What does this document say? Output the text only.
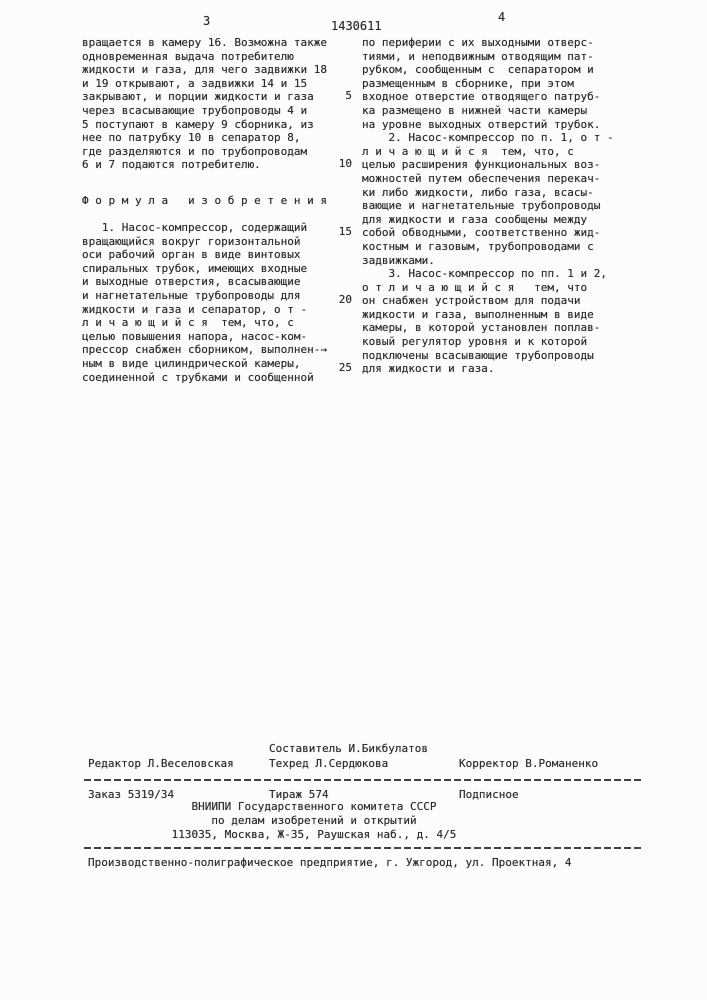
3	1430611
4
вращается в камеру 16. Возможна также
одновременная выдача потребителю
жидкости и газа, для чего задвижки 18
и 19 открывают, а задвижки 14 и 15
закрывают, и порции жидкости и газа
через всасывающие трубопроводы 4 и
5 поступают в камеру 9 сборника, из
нее по патрубку 10 в сепаратор 8,
где разделяются и по трубопроводам
6 и 7 подаются потребителю.
Ф о р м у л а   и з о б р е т е н и я
1. Насос-компрессор, содержащий
вращающийся вокруг горизонтальной
оси рабочий орган в виде винтовых
спиральных трубок, имеющих входные
и выходные отверстия, всасывающие
и нагнетательные трубопроводы для
жидкости и газа и сепаратор, о т -
л и ч а ю щ и й с я  тем, что, с
целью повышения напора, насос-ком-
прессор снабжен сборником, выполнен-→
ным в виде цилиндрической камеры,
соединенной с трубками и сообщенной
по периферии с их выходными отверс-
тиями, и неподвижным отводящим пат-
рубком, сообщенным с  сепаратором и
размещенным в сборнике, при этом
входное отверстие отводящего патруб-
ка размещено в нижней части камеры
на уровне выходных отверстий трубок.
2. Насос-компрессор по п. 1, о т -
л и ч а ю щ и й с я  тем, что, с
целью расширения функциональных воз-
можностей путем обеспечения перекач-
ки либо жидкости, либо газа, всасы-
вающие и нагнетательные трубопроводы
для жидкости и газа сообщены между
собой обводными, соответственно жид-
костным и газовым, трубопроводами с
задвижками.
3. Насос-компрессор по пп. 1 и 2,
о т л и ч а ю щ и й с я   тем, что
он снабжен устройством для подачи
жидкости и газа, выполненным в виде
камеры, в которой установлен поплав-
ковый регулятор уровня и к которой
подключены всасывающие трубопроводы
для жидкости и газа.
5
10
15
20
25
Составитель И.Бикбулатов
Редактор Л.Веселовская	Техред Л.Сердюкова	Корректор В.Романенко
Заказ 5319/34	Тираж 574	Подписное
ВНИИПИ Государственного комитета СССР
по делам изобретений и открытий
113035, Москва, Ж-35, Раушская наб., д. 4/5
Производственно-полиграфическое предприятие, г. Ужгород, ул. Проектная, 4
